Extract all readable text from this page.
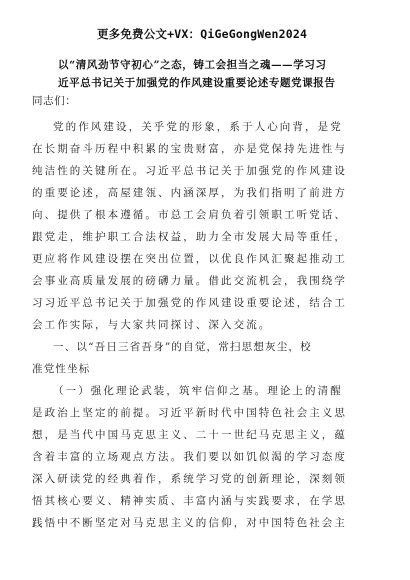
更多免费公文+VX：QiGeGongWen2024
以“清风劲节守初心”之态，铸工会担当之魂——学习习
近平总书记关于加强党的作风建设重要论述专题党课报告

同志们：

党的作风建设，关乎党的形象，系于人心向背，是党
在长期奋斗历程中积累的宝贵财富，亦是党保持先进性与
纯洁性的关键所在。习近平总书记关于加强党的作风建设
的重要论述，高屋建瓴、内涵深厚，为我们指明了前进方
向、提供了根本遵循。市总工会肩负着引领职工听党话、
跟党走，维护职工合法权益，助力全市发展大局等重任，
更应将作风建设摆在突出位置，以优良作风汇聚起推动工
会事业高质量发展的磅礴力量。借此交流机会，我围绕学
习习近平总书记关于加强党的作风建设重要论述，结合工
会工作实际，与大家共同探讨、深入交流。

一、以“吾日三省吾身”的自觉，常扫思想灰尘，校
准党性坐标

（一）强化理论武装，筑牢信仰之基。理论上的清醒
是政治上坚定的前提。习近平新时代中国特色社会主义思
想，是当代中国马克思主义、二十一世纪马克思主义，蕴
含着丰富的立场观点方法。我们要以如饥似渴的学习态度
深入研读党的经典着作，系统学习党的创新理论，深刻领
悟其核心要义、精神实质、丰富内涵与实践要求，在学思
践悟中不断坚定对马克思主义的信仰，对中国特色社会主
